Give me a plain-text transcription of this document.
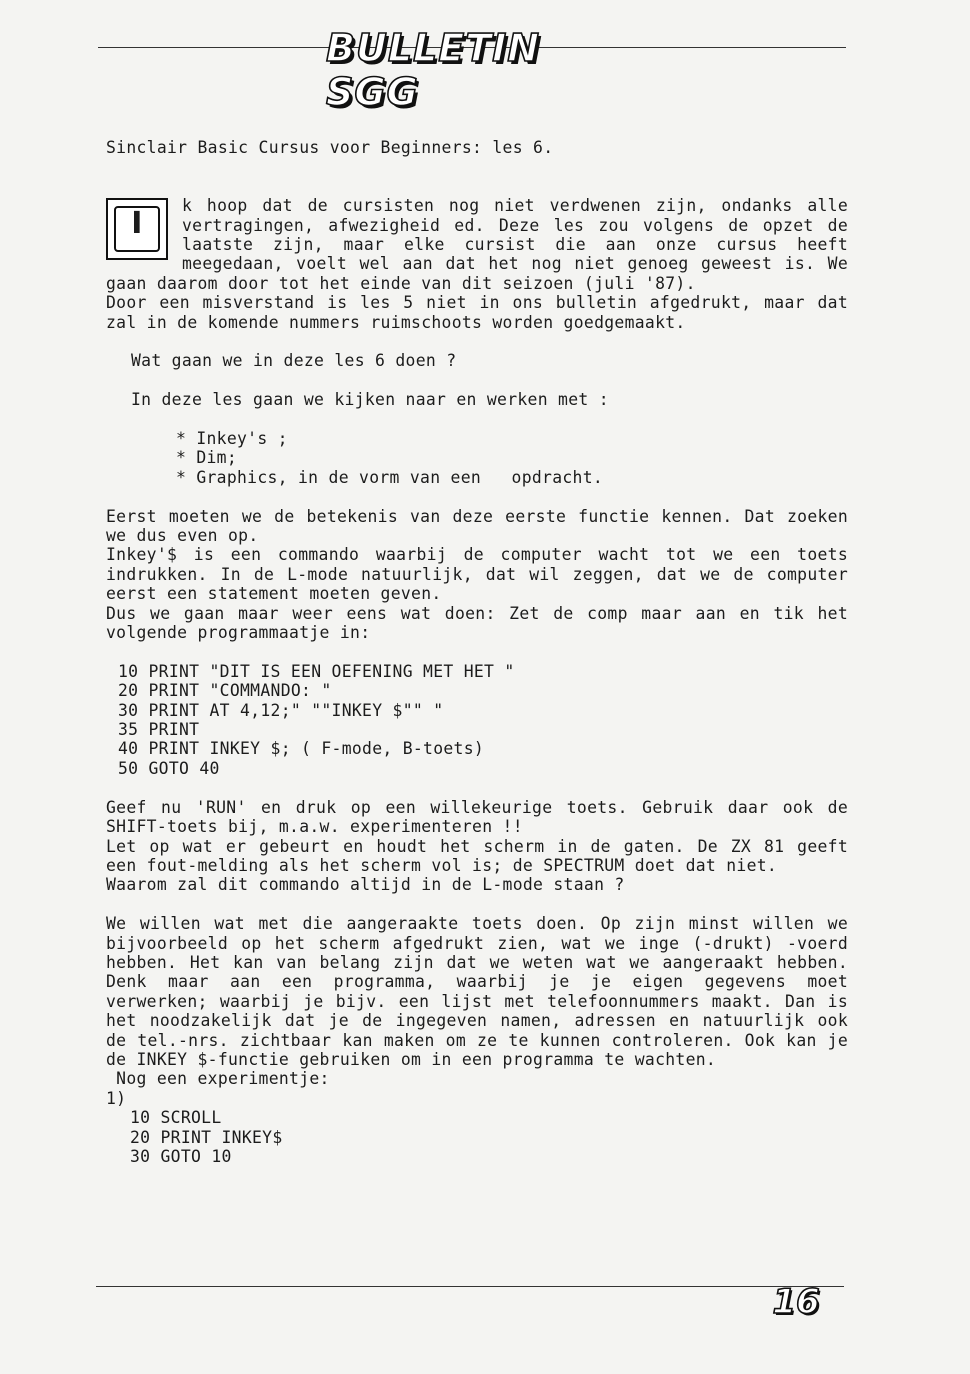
BULLETIN SGG

Sinclair Basic Cursus voor Beginners: les 6.

I

k hoop dat de cursisten nog niet verdwenen zijn, ondanks alle vertragingen, afwezigheid ed. Deze les zou volgens de opzet de laatste zijn, maar elke cursist die aan onze cursus heeft meegedaan, voelt wel aan dat het nog niet genoeg geweest is. We gaan daarom door tot het einde van dit seizoen (juli '87).

Door een misverstand is les 5 niet in ons bulletin afgedrukt, maar dat zal in de komende nummers ruimschoots worden goedgemaakt.

Wat gaan we in deze les 6 doen ?

In deze les gaan we kijken naar en werken met :

* Inkey's ;

* Dim;

* Graphics, in de vorm van een   opdracht.

Eerst moeten we de betekenis van deze eerste functie kennen. Dat zoeken we dus even op.

Inkey'$ is een commando waarbij de computer wacht tot we een toets indrukken. In de L-mode natuurlijk, dat wil zeggen, dat we de computer eerst een statement moeten geven.

Dus we gaan maar weer eens wat doen: Zet de comp maar aan en tik het volgende programmaatje in:

10 PRINT "DIT IS EEN OEFENING MET HET "

20 PRINT "COMMANDO: "

30 PRINT AT 4,12;" ""INKEY $"" "

35 PRINT

40 PRINT INKEY $; ( F-mode, B-toets)

50 GOTO 40

Geef nu 'RUN' en druk op een willekeurige toets. Gebruik daar ook de SHIFT-toets bij, m.a.w. experimenteren !!

Let op wat er gebeurt en houdt het scherm in de gaten. De ZX 81 geeft een fout-melding als het scherm vol is; de SPECTRUM doet dat niet.

Waarom zal dit commando altijd in de L-mode staan ?

We willen wat met die aangeraakte toets doen. Op zijn minst willen we bijvoorbeeld op het scherm afgedrukt zien, wat we inge (-drukt) -voerd hebben. Het kan van belang zijn dat we weten wat we aangeraakt hebben. Denk maar aan een programma, waarbij je je eigen gegevens moet verwerken; waarbij je bijv. een lijst met telefoonnummers maakt. Dan is het noodzakelijk dat je de ingegeven namen, adressen en natuurlijk ook de tel.-nrs. zichtbaar kan maken om ze te kunnen controleren. Ook kan je de INKEY $-functie gebruiken om in een programma te wachten.

Nog een experimentje:

1)

10 SCROLL

20 PRINT INKEY$

30 GOTO 10

16
